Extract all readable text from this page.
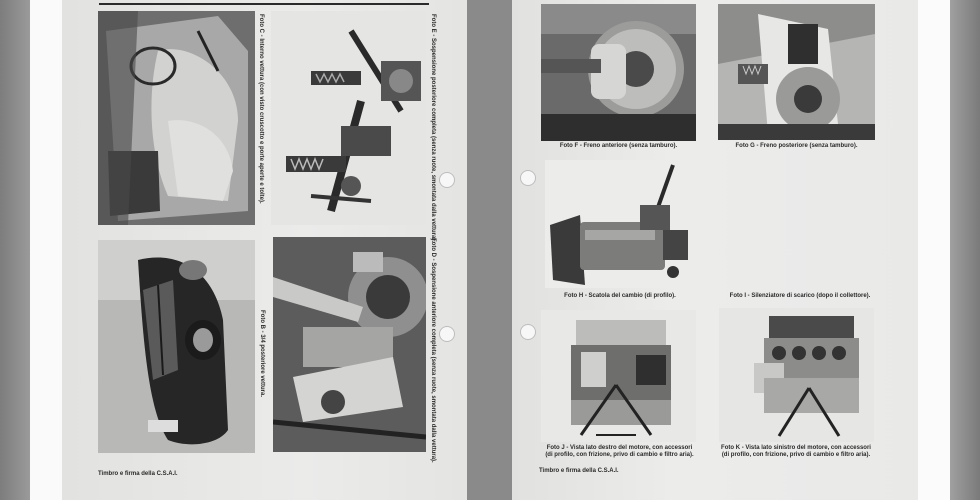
Foto C - Interno vettura (con visto cruscotto e porte aperte e tolte).	Foto E - Sospensione posteriore completa (senza ruote, smontata dalla vettura).
Foto B - 3/4 posteriore vettura.	Foto D - Sospensione anteriore completa (senza ruote, smontata dalla vettura).
Timbro e firma della C.S.A.I.
Foto F - Freno anteriore (senza tamburo).	Foto G - Freno posteriore (senza tamburo).
Foto H - Scatola del cambio (di profilo).	Foto I - Silenziatore di scarico (dopo il collettore).
Foto J - Vista lato destro del motore, con accessori
(di profilo, con frizione, privo di cambio e filtro aria).
Foto K - Vista lato sinistro del motore, con accessori
(di profilo, con frizione, privo di cambio e filtro aria).
Timbro e firma della C.S.A.I.
